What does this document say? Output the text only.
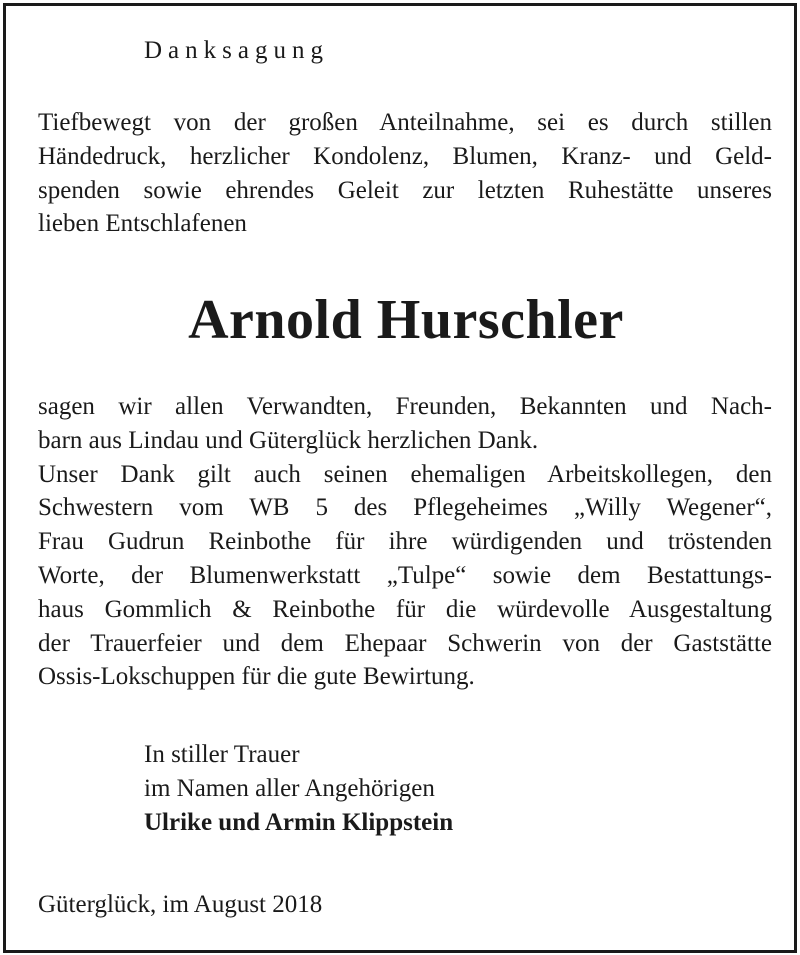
Danksagung

Tiefbewegt von der großen Anteilnahme, sei es durch stillen
Händedruck, herzlicher Kondolenz, Blumen, Kranz- und Geld-
spenden sowie ehrendes Geleit zur letzten Ruhestätte unseres
lieben Entschlafenen

Arnold Hurschler

sagen wir allen Verwandten, Freunden, Bekannten und Nach-
barn aus Lindau und Güterglück herzlichen Dank.
Unser Dank gilt auch seinen ehemaligen Arbeitskollegen, den
Schwestern vom WB 5 des Pflegeheimes „Willy Wegener“,
Frau Gudrun Reinbothe für ihre würdigenden und tröstenden
Worte, der Blumenwerkstatt „Tulpe“ sowie dem Bestattungs-
haus Gommlich & Reinbothe für die würdevolle Ausgestaltung
der Trauerfeier und dem Ehepaar Schwerin von der Gaststätte
Ossis-Lokschuppen für die gute Bewirtung.

In stiller Trauer
im Namen aller Angehörigen
Ulrike und Armin Klippstein

Güterglück, im August 2018
